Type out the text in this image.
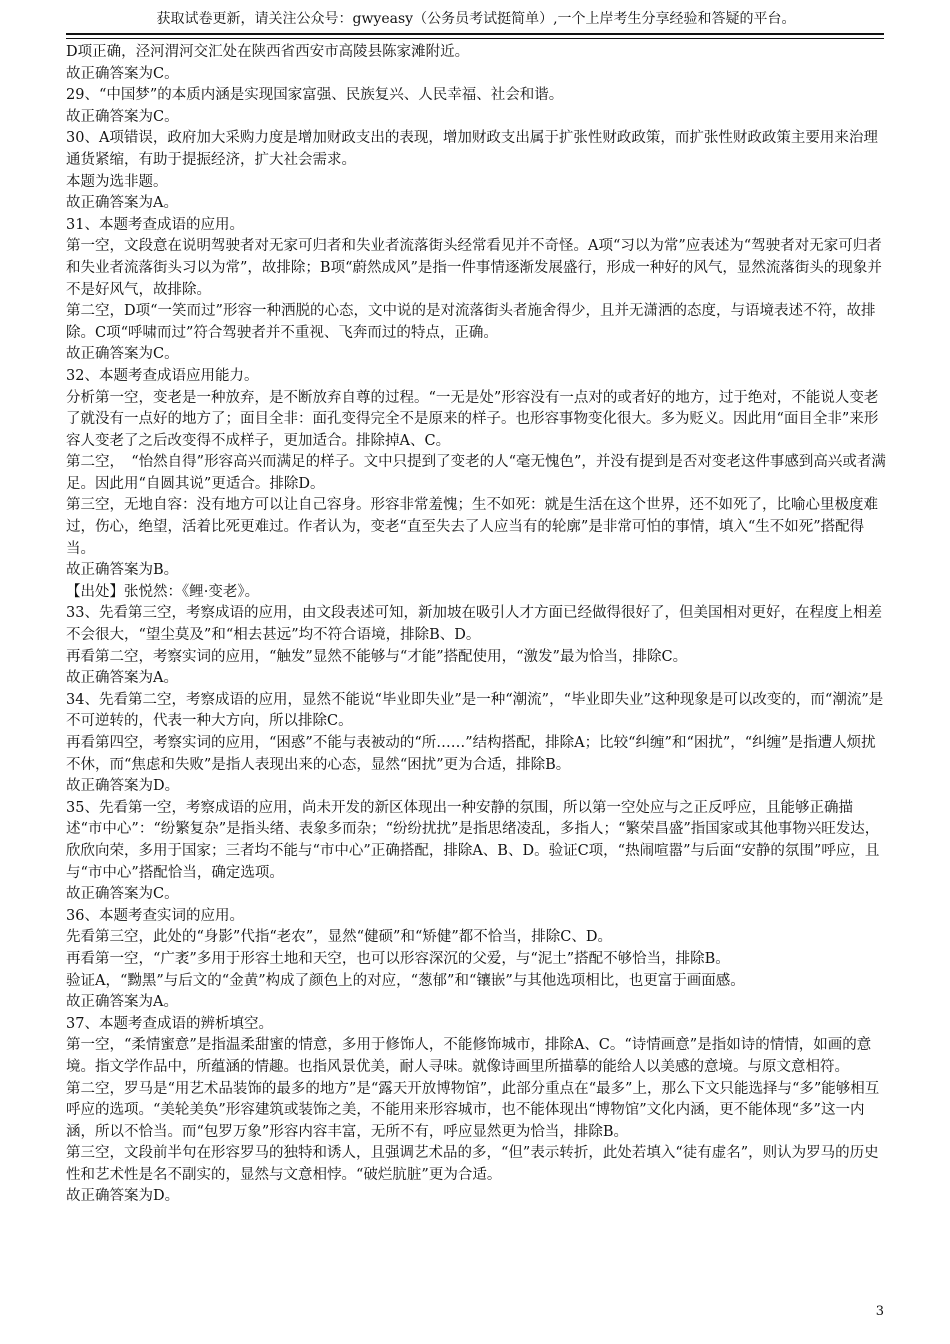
获取试卷更新，请关注公众号：gwyeasy（公务员考试挺简单）,一个上岸考生分享经验和答疑的平台。

D项正确，泾河渭河交汇处在陕西省西安市高陵县陈家滩附近。

故正确答案为C。

29、“中国梦”的本质内涵是实现国家富强、民族复兴、人民幸福、社会和谐。

故正确答案为C。

30、A项错误，政府加大采购力度是增加财政支出的表现，增加财政支出属于扩张性财政政策，而扩张性财政政策主要用来治理通货紧缩，有助于提振经济，扩大社会需求。

本题为选非题。

故正确答案为A。

31、本题考查成语的应用。

第一空，文段意在说明驾驶者对无家可归者和失业者流落街头经常看见并不奇怪。A项“习以为常”应表述为“驾驶者对无家可归者和失业者流落街头习以为常”，故排除；B项“蔚然成风”是指一件事情逐渐发展盛行，形成一种好的风气，显然流落街头的现象并不是好风气，故排除。

第二空，D项“一笑而过”形容一种洒脱的心态，文中说的是对流落街头者施舍得少，且并无潇洒的态度，与语境表述不符，故排除。C项“呼啸而过”符合驾驶者并不重视、飞奔而过的特点，正确。

故正确答案为C。

32、本题考查成语应用能力。

分析第一空，变老是一种放弃，是不断放弃自尊的过程。“一无是处”形容没有一点对的或者好的地方，过于绝对，不能说人变老了就没有一点好的地方了；面目全非：面孔变得完全不是原来的样子。也形容事物变化很大。多为贬义。因此用“面目全非”来形容人变老了之后改变得不成样子，更加适合。排除掉A、C。

第二空，　“怡然自得”形容高兴而满足的样子。文中只提到了变老的人“毫无愧色”，并没有提到是否对变老这件事感到高兴或者满足。因此用“自圆其说”更适合。排除D。

第三空，无地自容：没有地方可以让自己容身。形容非常羞愧；生不如死：就是生活在这个世界，还不如死了，比喻心里极度难过，伤心，绝望，活着比死更难过。作者认为，变老“直至失去了人应当有的轮廓”是非常可怕的事情，填入“生不如死”搭配得当。

故正确答案为B。

【出处】张悦然：《鲤·变老》。

33、先看第三空，考察成语的应用，由文段表述可知，新加坡在吸引人才方面已经做得很好了，但美国相对更好，在程度上相差不会很大，“望尘莫及”和“相去甚远”均不符合语境，排除B、D。

再看第二空，考察实词的应用，“触发”显然不能够与“才能”搭配使用，“激发”最为恰当，排除C。

故正确答案为A。

34、先看第二空，考察成语的应用，显然不能说“毕业即失业”是一种“潮流”，“毕业即失业”这种现象是可以改变的，而“潮流”是不可逆转的，代表一种大方向，所以排除C。

再看第四空，考察实词的应用，“困惑”不能与表被动的“所……”结构搭配，排除A；比较“纠缠”和“困扰”，“纠缠”是指遭人烦扰不休，而“焦虑和失败”是指人表现出来的心态，显然“困扰”更为合适，排除B。

故正确答案为D。

35、先看第一空，考察成语的应用，尚未开发的新区体现出一种安静的氛围，所以第一空处应与之正反呼应，且能够正确描述“市中心”：“纷繁复杂”是指头绪、表象多而杂；“纷纷扰扰”是指思绪凌乱，多指人；“繁荣昌盛”指国家或其他事物兴旺发达，欣欣向荣，多用于国家；三者均不能与“市中心”正确搭配，排除A、B、D。验证C项，“热闹喧嚣”与后面“安静的氛围”呼应，且与“市中心”搭配恰当，确定选项。

故正确答案为C。

36、本题考查实词的应用。

先看第三空，此处的“身影”代指“老农”，显然“健硕”和“矫健”都不恰当，排除C、D。

再看第一空，“广袤”多用于形容土地和天空，也可以形容深沉的父爱，与“泥土”搭配不够恰当，排除B。

验证A，“黝黑”与后文的“金黄”构成了颜色上的对应，“葱郁”和“镶嵌”与其他选项相比，也更富于画面感。

故正确答案为A。

37、本题考查成语的辨析填空。

第一空，“柔情蜜意”是指温柔甜蜜的情意，多用于修饰人，不能修饰城市，排除A、C。“诗情画意”是指如诗的情情，如画的意境。指文学作品中，所蕴涵的情趣。也指风景优美，耐人寻味。就像诗画里所描摹的能给人以美感的意境。与原文意相符。

第二空，罗马是“用艺术品装饰的最多的地方”是“露天开放博物馆”，此部分重点在“最多”上，那么下文只能选择与“多”能够相互呼应的选项。“美轮美奂”形容建筑或装饰之美，不能用来形容城市，也不能体现出“博物馆”文化内涵，更不能体现“多”这一内涵，所以不恰当。而“包罗万象”形容内容丰富，无所不有，呼应显然更为恰当，排除B。

第三空，文段前半句在形容罗马的独特和诱人，且强调艺术品的多，“但”表示转折，此处若填入“徒有虚名”，则认为罗马的历史性和艺术性是名不副实的，显然与文意相悖。“破烂肮脏”更为合适。

故正确答案为D。

3
